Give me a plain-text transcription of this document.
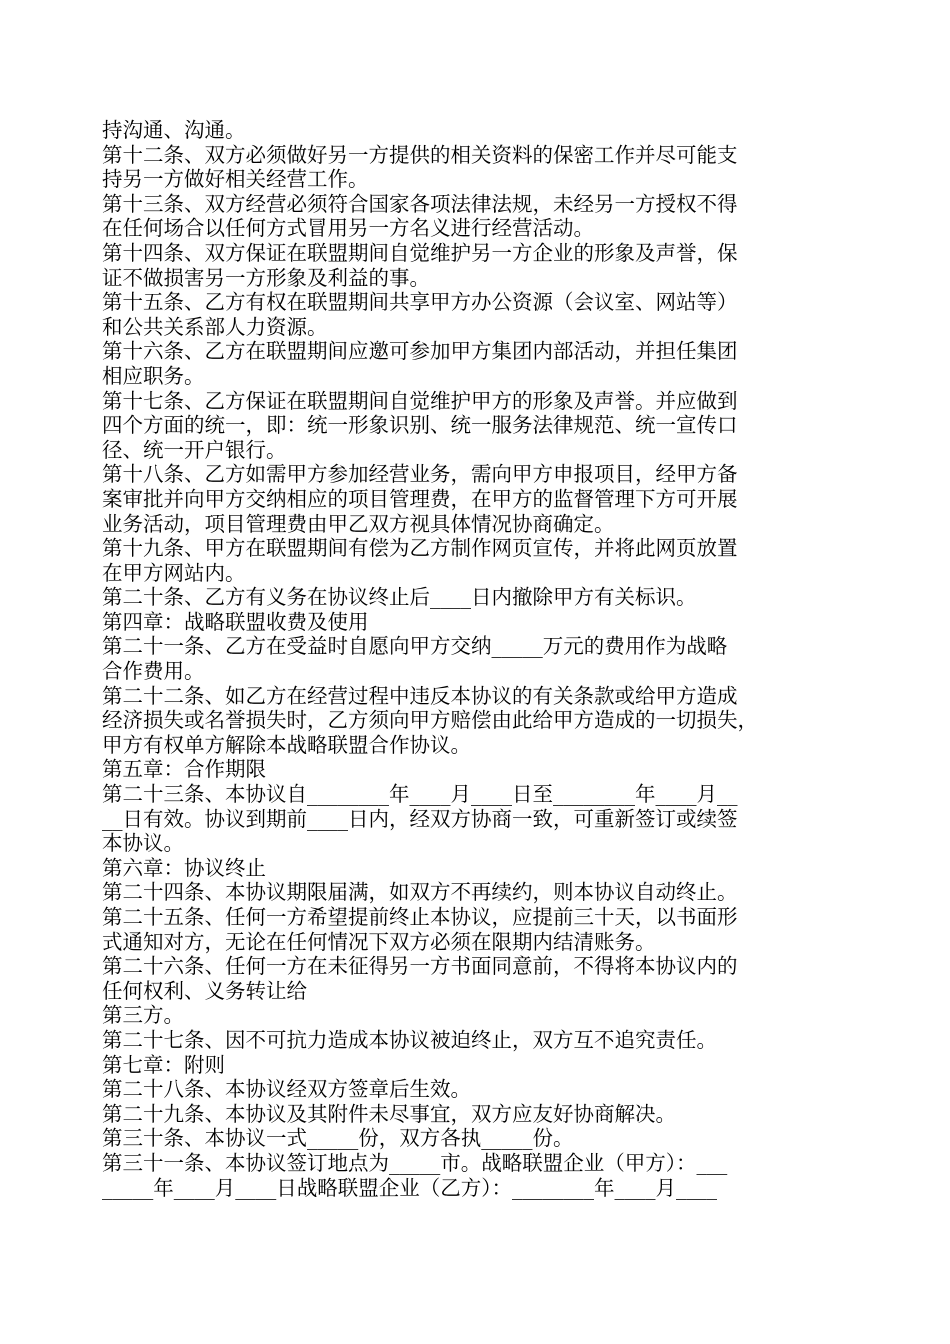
持沟通、沟通。
第十二条、双方必须做好另一方提供的相关资料的保密工作并尽可能支
持另一方做好相关经营工作。
第十三条、双方经营必须符合国家各项法律法规，未经另一方授权不得
在任何场合以任何方式冒用另一方名义进行经营活动。
第十四条、双方保证在联盟期间自觉维护另一方企业的形象及声誉，保
证不做损害另一方形象及利益的事。
第十五条、乙方有权在联盟期间共享甲方办公资源（会议室、网站等）
和公共关系部人力资源。
第十六条、乙方在联盟期间应邀可参加甲方集团内部活动，并担任集团
相应职务。
第十七条、乙方保证在联盟期间自觉维护甲方的形象及声誉。并应做到
四个方面的统一，即：统一形象识别、统一服务法律规范、统一宣传口
径、统一开户银行。
第十八条、乙方如需甲方参加经营业务，需向甲方申报项目，经甲方备
案审批并向甲方交纳相应的项目管理费，在甲方的监督管理下方可开展
业务活动，项目管理费由甲乙双方视具体情况协商确定。
第十九条、甲方在联盟期间有偿为乙方制作网页宣传，并将此网页放置
在甲方网站内。
第二十条、乙方有义务在协议终止后____日内撤除甲方有关标识。
第四章：战略联盟收费及使用
第二十一条、乙方在受益时自愿向甲方交纳_____万元的费用作为战略
合作费用。
第二十二条、如乙方在经营过程中违反本协议的有关条款或给甲方造成
经济损失或名誉损失时，乙方须向甲方赔偿由此给甲方造成的一切损失，
甲方有权单方解除本战略联盟合作协议。
第五章：合作期限
第二十三条、本协议自________年____月____日至________年____月__
__日有效。协议到期前____日内，经双方协商一致，可重新签订或续签
本协议。
第六章：协议终止
第二十四条、本协议期限届满，如双方不再续约，则本协议自动终止。
第二十五条、任何一方希望提前终止本协议，应提前三十天，以书面形
式通知对方，无论在任何情况下双方必须在限期内结清账务。
第二十六条、任何一方在未征得另一方书面同意前，不得将本协议内的
任何权利、义务转让给
第三方。
第二十七条、因不可抗力造成本协议被迫终止，双方互不追究责任。
第七章：附则
第二十八条、本协议经双方签章后生效。
第二十九条、本协议及其附件未尽事宜，双方应友好协商解决。
第三十条、本协议一式_____份，双方各执_____份。
第三十一条、本协议签订地点为_____市。战略联盟企业（甲方）：___
_____年____月____日战略联盟企业（乙方）：________年____月____
